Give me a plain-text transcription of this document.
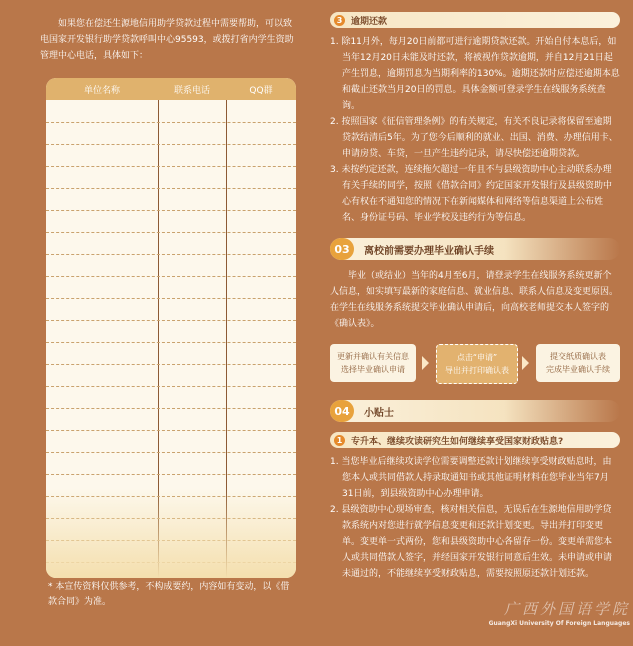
如果您在偿还生源地信用助学贷款过程中需要帮助，可以致电国家开发银行助学贷款呼叫中心95593，或拨打省内学生资助管理中心电话，具体如下：

单位名称	联系电话	QQ群
* 本宣传资料仅供参考，不构成要约，内容如有变动，以《借款合同》为准。
3 逾期还款
1. 除11月外，每月20日前都可进行逾期贷款还款。开始自付本息后，如当年12月20日未能及时还款，将被视作贷款逾期，并自12月21日起产生罚息，逾期罚息为当期利率的130%。逾期还款时应偿还逾期本息和截止还款当月20日的罚息。具体金额可登录学生在线服务系统查询。
2. 按照国家《征信管理条例》的有关规定，有关不良记录将保留至逾期贷款结清后5年。为了您今后顺利的就业、出国、消费、办理信用卡、申请房贷、车贷，一旦产生违约记录，请尽快偿还逾期贷款。
3. 未按约定还款，连续拖欠超过一年且不与县级资助中心主动联系办理有关手续的同学，按照《借款合同》约定国家开发银行及县级资助中心有权在不通知您的情况下在新闻媒体和网络等信息渠道上公布姓名、身份证号码、毕业学校及违约行为等信息。
03	离校前需要办理毕业确认手续

毕业（或结业）当年的4月至6月，请登录学生在线服务系统更新个人信息，如实填写最新的家庭信息、就业信息、联系人信息及变更原因。在学生在线服务系统提交毕业确认申请后，向高校老师提交本人签字的《确认表》。

更新并确认有关信息
选择毕业确认申请
点击“申请”
导出并打印确认表
提交纸质确认表
完成毕业确认手续
04	小贴士
1 专升本、继续攻读研究生如何继续享受国家财政贴息?
1. 当您毕业后继续攻读学位需要调整还款计划继续享受财政贴息时，由您本人或共同借款人持录取通知书或其他证明材料在您毕业当年7月31日前，到县级资助中心办理申请。
2. 县级资助中心现场审查，核对相关信息，无误后在生源地信用助学贷款系统内对您进行就学信息变更和还款计划变更。导出并打印变更单。变更单一式两份，您和县级资助中心各留存一份。变更单需您本人或共同借款人签字，并经国家开发银行同意后生效。未申请或申请未通过的，不能继续享受财政贴息，需要按照原还款计划还款。
广西外国语学院
GuangXi University Of Foreign Languages
